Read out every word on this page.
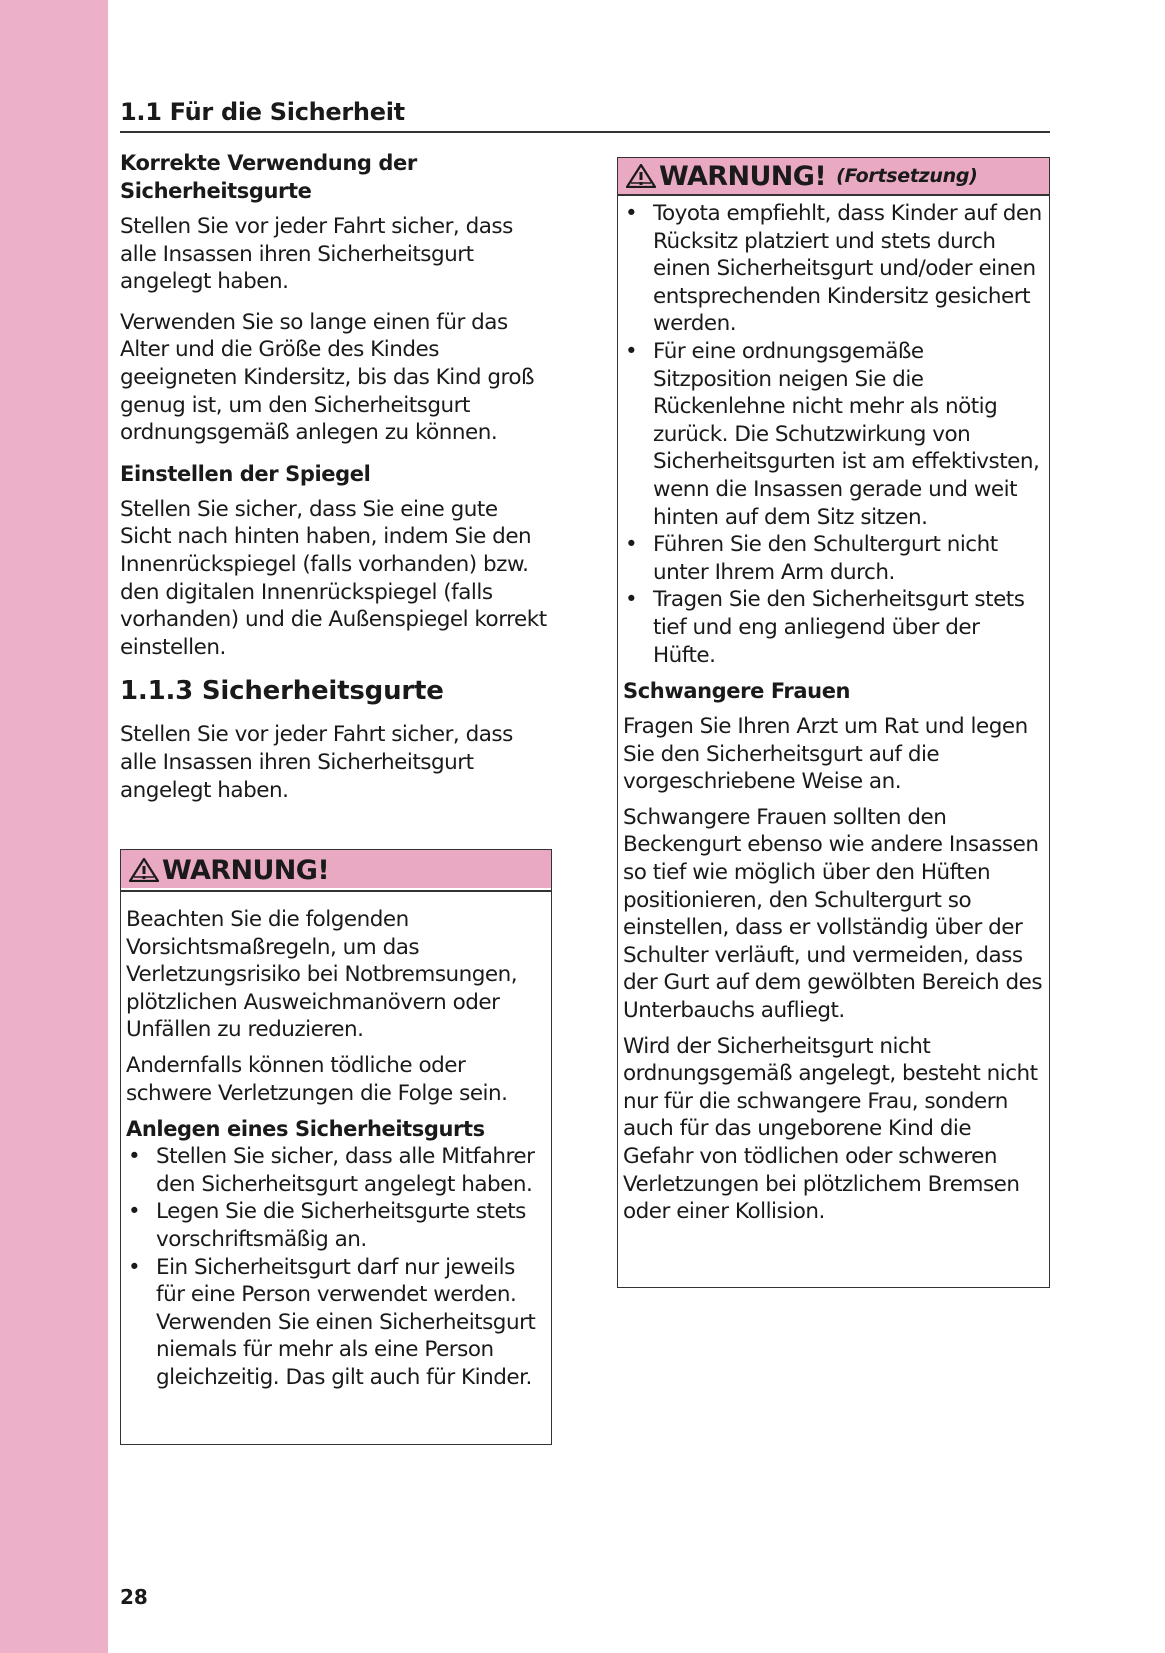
1.1 Für die Sicherheit

Korrekte Verwendung der Sicherheitsgurte

Stellen Sie vor jeder Fahrt sicher, dass alle Insassen ihren Sicherheitsgurt angelegt haben.

Verwenden Sie so lange einen für das Alter und die Größe des Kindes geeigneten Kindersitz, bis das Kind groß genug ist, um den Sicherheitsgurt ordnungsgemäß anlegen zu können.

Einstellen der Spiegel

Stellen Sie sicher, dass Sie eine gute Sicht nach hinten haben, indem Sie den Innenrückspiegel (falls vorhanden) bzw. den digitalen Innenrückspiegel (falls vorhanden) und die Außenspiegel korrekt einstellen.

1.1.3 Sicherheitsgurte

Stellen Sie vor jeder Fahrt sicher, dass alle Insassen ihren Sicherheitsgurt angelegt haben.

WARNUNG!

Beachten Sie die folgenden Vorsichtsmaßregeln, um das Verletzungsrisiko bei Notbremsungen, plötzlichen Ausweichmanövern oder Unfällen zu reduzieren.

Andernfalls können tödliche oder schwere Verletzungen die Folge sein.

Anlegen eines Sicherheitsgurts

• Stellen Sie sicher, dass alle Mitfahrer den Sicherheitsgurt angelegt haben.
• Legen Sie die Sicherheitsgurte stets vorschriftsmäßig an.
• Ein Sicherheitsgurt darf nur jeweils für eine Person verwendet werden. Verwenden Sie einen Sicherheitsgurt niemals für mehr als eine Person gleichzeitig. Das gilt auch für Kinder.
WARNUNG! (Fortsetzung)
• Toyota empfiehlt, dass Kinder auf den Rücksitz platziert und stets durch einen Sicherheitsgurt und/oder einen entsprechenden Kindersitz gesichert werden.
• Für eine ordnungsgemäße Sitzposition neigen Sie die Rückenlehne nicht mehr als nötig zurück. Die Schutzwirkung von Sicherheitsgurten ist am effektivsten, wenn die Insassen gerade und weit hinten auf dem Sitz sitzen.
• Führen Sie den Schultergurt nicht unter Ihrem Arm durch.
• Tragen Sie den Sicherheitsgurt stets tief und eng anliegend über der Hüfte.

Schwangere Frauen

Fragen Sie Ihren Arzt um Rat und legen Sie den Sicherheitsgurt auf die vorgeschriebene Weise an.

Schwangere Frauen sollten den Beckengurt ebenso wie andere Insassen so tief wie möglich über den Hüften positionieren, den Schultergurt so einstellen, dass er vollständig über der Schulter verläuft, und vermeiden, dass der Gurt auf dem gewölbten Bereich des Unterbauchs aufliegt.

Wird der Sicherheitsgurt nicht ordnungsgemäß angelegt, besteht nicht nur für die schwangere Frau, sondern auch für das ungeborene Kind die Gefahr von tödlichen oder schweren Verletzungen bei plötzlichem Bremsen oder einer Kollision.

28
